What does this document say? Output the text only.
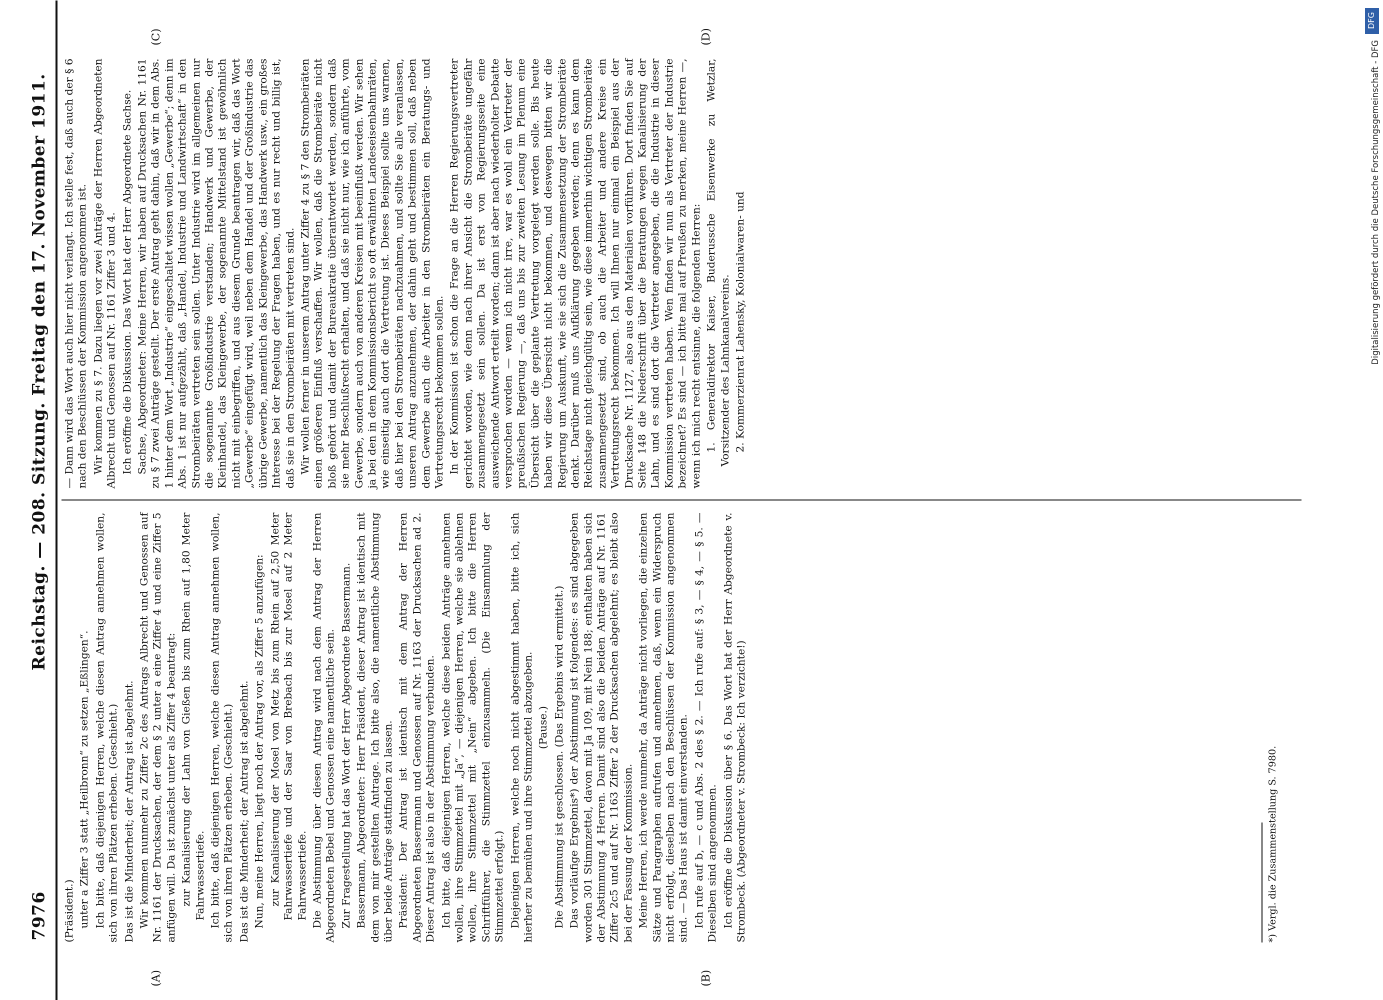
7976
Reichstag. — 208. Sitzung. Freitag den 17. November 1911.
(A)	(B)
(C)	(D)

(Präsident.) unter a Ziffer 3 statt „Heilbronn“ zu setzen „Eßlingen“. Ich bitte, daß diejenigen Herren, welche diesen Antrag annehmen wollen, sich von ihren Plätzen erheben. (Geschieht.) Das ist die Minderheit; der Antrag ist abgelehnt. Wir kommen nunmehr zu Ziffer 2c des Antrags Albrecht und Genossen auf Nr. 1161 der Drucksachen, der dem § 2 unter a eine Ziffer 4 und eine Ziffer 5 anfügen will. Da ist zunächst unter als Ziffer 4 beantragt: zur Kanalisierung der Lahn von Gießen bis zum Rhein auf 1,80 Meter Fahrwassertiefe. Ich bitte, daß diejenigen Herren, welche diesen Antrag annehmen wollen, sich von ihren Plätzen erheben. (Geschieht.) Das ist die Minderheit; der Antrag ist abgelehnt. Nun, meine Herren, liegt noch der Antrag vor, als Ziffer 5 anzufügen: zur Kanalisierung der Mosel von Metz bis zum Rhein auf 2,50 Meter Fahrwassertiefe und der Saar von Brebach bis zur Mosel auf 2 Meter Fahrwassertiefe. Die Abstimmung über diesen Antrag wird nach dem Antrag der Herren Abgeordneten Bebel und Genossen eine namentliche sein. Zur Fragestellung hat das Wort der Herr Abgeordnete Bassermann. Bassermann, Abgeordneter: Herr Präsident, dieser Antrag ist identisch mit dem von mir gestellten Antrage. Ich bitte also, die namentliche Abstimmung über beide Anträge stattfinden zu lassen. Präsident: Der Antrag ist identisch mit dem Antrag der Herren Abgeordneten Bassermann und Genossen auf Nr. 1163 der Drucksachen ad 2. Dieser Antrag ist also in der Abstimmung verbunden. Ich bitte, daß diejenigen Herren, welche diese beiden Anträge annehmen wollen, ihre Stimmzettel mit „Ja“, — diejenigen Herren, welche sie ablehnen wollen, ihre Stimmzettel mit „Nein“ abgeben. Ich bitte die Herren Schriftführer, die Stimmzettel einzusammeln. (Die Einsammlung der Stimmzettel erfolgt.) Diejenigen Herren, welche noch nicht abgestimmt haben, bitte ich, sich hierher zu bemühen und ihre Stimmzettel abzugeben. (Pause.) Die Abstimmung ist geschlossen. (Das Ergebnis wird ermittelt.) Das vorläufige Ergebnis*) der Abstimmung ist folgendes: es sind abgegeben worden 301 Stimmzettel, davon mit Ja 109, mit Nein 188; enthalten haben sich der Abstimmung 4 Herren. Damit sind also die beiden Anträge auf Nr. 1161 Ziffer 2c5 und auf Nr. 1163 Ziffer 2 der Drucksachen abgelehnt; es bleibt also bei der Fassung der Kommission. Meine Herren, ich werde nunmehr, da Anträge nicht vorliegen, die einzelnen Sätze und Paragraphen aufrufen und annehmen, daß, wenn ein Widerspruch nicht erfolgt, dieselben nach den Beschlüssen der Kommission angenommen sind. — Das Haus ist damit einverstanden. Ich rufe auf b, — c und Abs. 2 des § 2. — Ich rufe auf: § 3, — § 4, — § 5. — Dieselben sind angenommen. Ich eröffne die Diskussion über § 6. Das Wort hat der Herr Abgeordnete v. Strombeck. (Abgeordneter v. Strombeck: Ich verzichte!)	*) Vergl. die Zusammenstellung S. 7980.

— Dann wird das Wort auch hier nicht verlangt. Ich stelle fest, daß auch der § 6 nach den Beschlüssen der Kommission angenommen ist. Wir kommen zu § 7. Dazu liegen vor zwei Anträge der Herren Abgeordneten Albrecht und Genossen auf Nr. 1161 Ziffer 3 und 4. Ich eröffne die Diskussion. Das Wort hat der Herr Abgeordnete Sachse. Sachse, Abgeordneter: Meine Herren, wir haben auf Drucksachen Nr. 1161 zu § 7 zwei Anträge gestellt. Der erste Antrag geht dahin, daß wir in dem Abs. 1 hinter dem Wort „Industrie“ eingeschaltet wissen wollen „Gewerbe“; denn im Abs. 1 ist nur aufgezählt, daß „Handel, Industrie und Landwirtschaft“ in den Strombeiräten vertreten sein sollen. Unter Industrie wird im allgemeinen nur die sogenannte Großindustrie verstanden; Handwerk und Gewerbe, der Kleinhandel, das Kleingewerbe, der sogenannte Mittelstand ist gewöhnlich nicht mit einbegriffen, und aus diesem Grunde beantragen wir, daß das Wort „Gewerbe“ eingefügt wird, weil neben dem Handel und der Großindustrie das übrige Gewerbe, namentlich das Kleingewerbe, das Handwerk usw., ein großes Interesse bei der Regelung der Fragen haben, und es nur recht und billig ist, daß sie in den Strombeiräten mit vertreten sind. Wir wollen ferner in unserem Antrag unter Ziffer 4 zu § 7 den Strombeiräten einen größeren Einfluß verschaffen. Wir wollen, daß die Strombeiräte nicht bloß gehört und damit der Bureaukratie überantwortet werden, sondern daß sie mehr Beschlußrecht erhalten, und daß sie nicht nur, wie ich anführte, vom Gewerbe, sondern auch von anderen Kreisen mit beeinflußt werden. Wir sehen ja bei den in dem Kommissionsbericht so oft erwähnten Landeseisenbahnräten, wie einseitig auch dort die Vertretung ist. Dieses Beispiel sollte uns warnen, daß hier bei den Strombeiräten nachzuahmen, und sollte Sie alle veranlassen, unseren Antrag anzunehmen, der dahin geht und bestimmen soll, daß neben dem Gewerbe auch die Arbeiter in den Strombeiräten ein Beratungs- und Vertretungsrecht bekommen sollen. In der Kommission ist schon die Frage an die Herren Regierungsvertreter gerichtet worden, wie denn nach ihrer Ansicht die Strombeiräte ungefähr zusammengesetzt sein sollen. Da ist erst von Regierungsseite eine ausweichende Antwort erteilt worden; dann ist aber nach wiederholter Debatte versprochen worden — wenn ich nicht irre, war es wohl ein Vertreter der preußischen Regierung —, daß uns bis zur zweiten Lesung im Plenum eine Übersicht über die geplante Vertretung vorgelegt werden solle. Bis heute haben wir diese Übersicht nicht bekommen, und deswegen bitten wir die Regierung um Auskunft, wie sie sich die Zusammensetzung der Strombeiräte denkt. Darüber muß uns Aufklärung gegeben werden; denn es kann dem Reichstage nicht gleichgültig sein, wie diese immerhin wichtigen Strombeiräte zusammengesetzt sind, ob auch die Arbeiter und andere Kreise ein Vertretungsrecht bekommen. Ich will Ihnen nur einmal ein Beispiel aus der Drucksache Nr. 1127, also aus den Materialien vorführen. Dort finden Sie auf Seite 148 die Niederschrift über die Beratungen wegen Kanalisierung der Lahn, und es sind dort die Vertreter angegeben, die die Industrie in dieser Kommission vertreten haben. Wen finden wir nun als Vertreter der Industrie bezeichnet? Es sind — ich bitte mal auf Preußen zu merken, meine Herren —, wenn ich mich recht entsinne, die folgenden Herren: 1. Generaldirektor Kaiser, Buderussche Eisenwerke zu Wetzlar, Vorsitzender des Lahnkanalvereins. 2. Kommerzienrat Lahensky, Kolonialwaren- und

DFG
Digitalisierung gefördert durch die Deutsche Forschungsgemeinschaft - DFG
